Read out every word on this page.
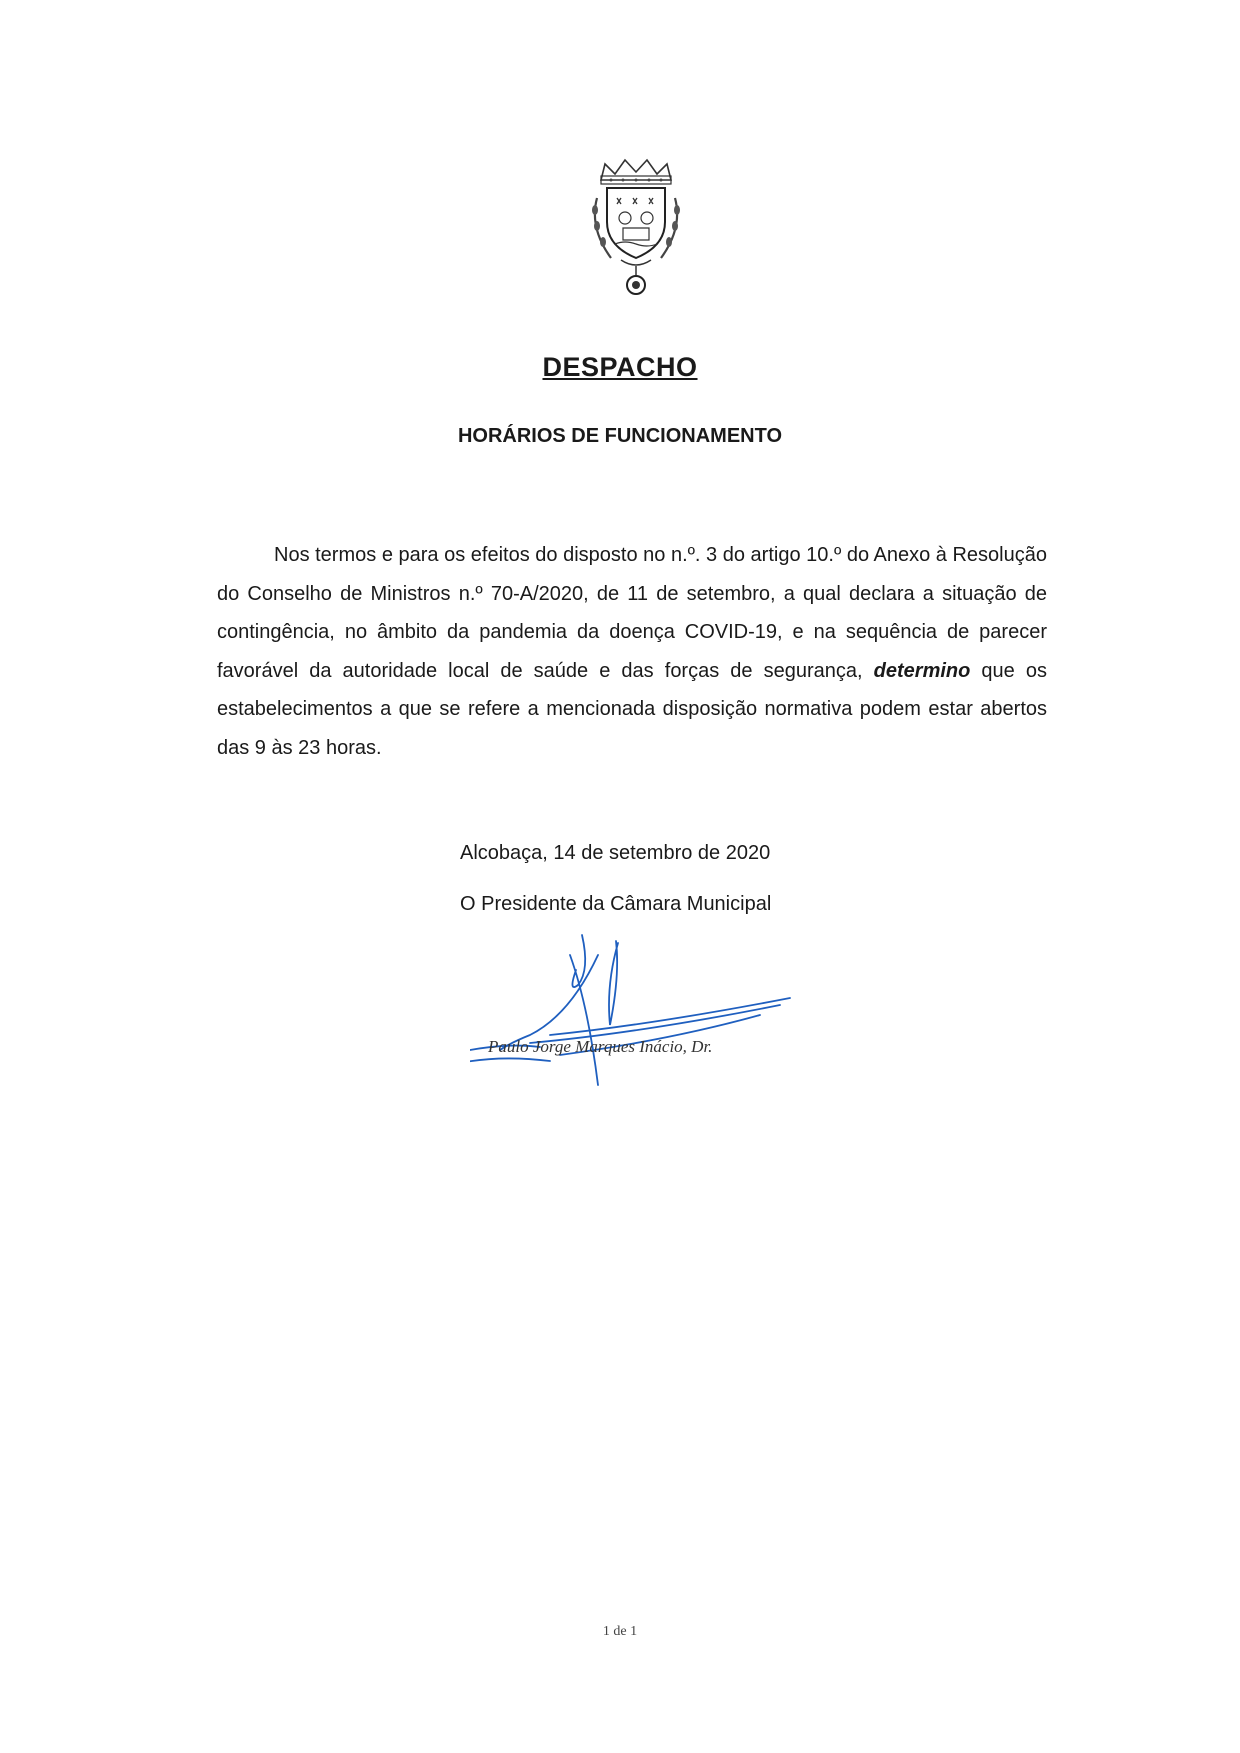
DESPACHO
HORÁRIOS DE FUNCIONAMENTO

Nos termos e para os efeitos do disposto no n.º. 3 do artigo 10.º do Anexo à Resolução do Conselho de Ministros n.º 70-A/2020, de 11 de setembro, a qual declara a situação de contingência, no âmbito da pandemia da doença COVID-19, e na sequência de parecer favorável da autoridade local de saúde e das forças de segurança, determino que os estabelecimentos a que se refere a mencionada disposição normativa podem estar abertos das 9 às 23 horas.

Alcobaça, 14 de setembro de 2020
O Presidente da Câmara Municipal
Paulo Jorge Marques Inácio, Dr.
1 de 1
